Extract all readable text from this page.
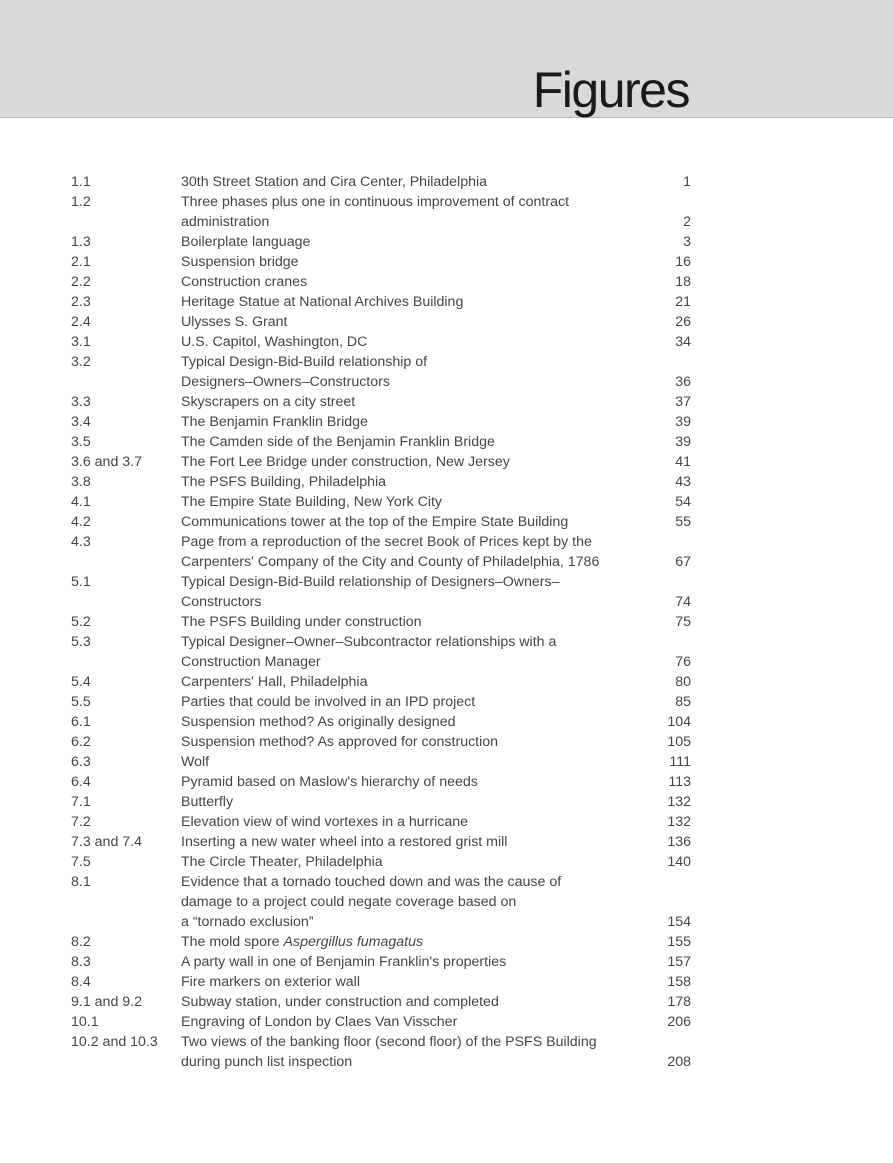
Figures
1.1	30th Street Station and Cira Center, Philadelphia	1
1.2	Three phases plus one in continuous improvement of contract
administration	2
1.3	Boilerplate language	3
2.1	Suspension bridge	16
2.2	Construction cranes	18
2.3	Heritage Statue at National Archives Building	21
2.4	Ulysses S. Grant	26
3.1	U.S. Capitol, Washington, DC	34
3.2	Typical Design-Bid-Build relationship of
Designers–Owners–Constructors	36
3.3	Skyscrapers on a city street	37
3.4	The Benjamin Franklin Bridge	39
3.5	The Camden side of the Benjamin Franklin Bridge	39
3.6 and 3.7	The Fort Lee Bridge under construction, New Jersey	41
3.8	The PSFS Building, Philadelphia	43
4.1	The Empire State Building, New York City	54
4.2	Communications tower at the top of the Empire State Building	55
4.3	Page from a reproduction of the secret Book of Prices kept by the
Carpenters' Company of the City and County of Philadelphia, 1786	67
5.1	Typical Design-Bid-Build relationship of Designers–Owners–
Constructors	74
5.2	The PSFS Building under construction	75
5.3	Typical Designer–Owner–Subcontractor relationships with a
Construction Manager	76
5.4	Carpenters' Hall, Philadelphia	80
5.5	Parties that could be involved in an IPD project	85
6.1	Suspension method? As originally designed	104
6.2	Suspension method? As approved for construction	105
6.3	Wolf	111
6.4	Pyramid based on Maslow's hierarchy of needs	113
7.1	Butterfly	132
7.2	Elevation view of wind vortexes in a hurricane	132
7.3 and 7.4	Inserting a new water wheel into a restored grist mill	136
7.5	The Circle Theater, Philadelphia	140
8.1	Evidence that a tornado touched down and was the cause of
damage to a project could negate coverage based on
a “tornado exclusion”	154
8.2	The mold spore Aspergillus fumagatus	155
8.3	A party wall in one of Benjamin Franklin's properties	157
8.4	Fire markers on exterior wall	158
9.1 and 9.2	Subway station, under construction and completed	178
10.1	Engraving of London by Claes Van Visscher	206
10.2 and 10.3	Two views of the banking floor (second floor) of the PSFS Building
during punch list inspection	208
